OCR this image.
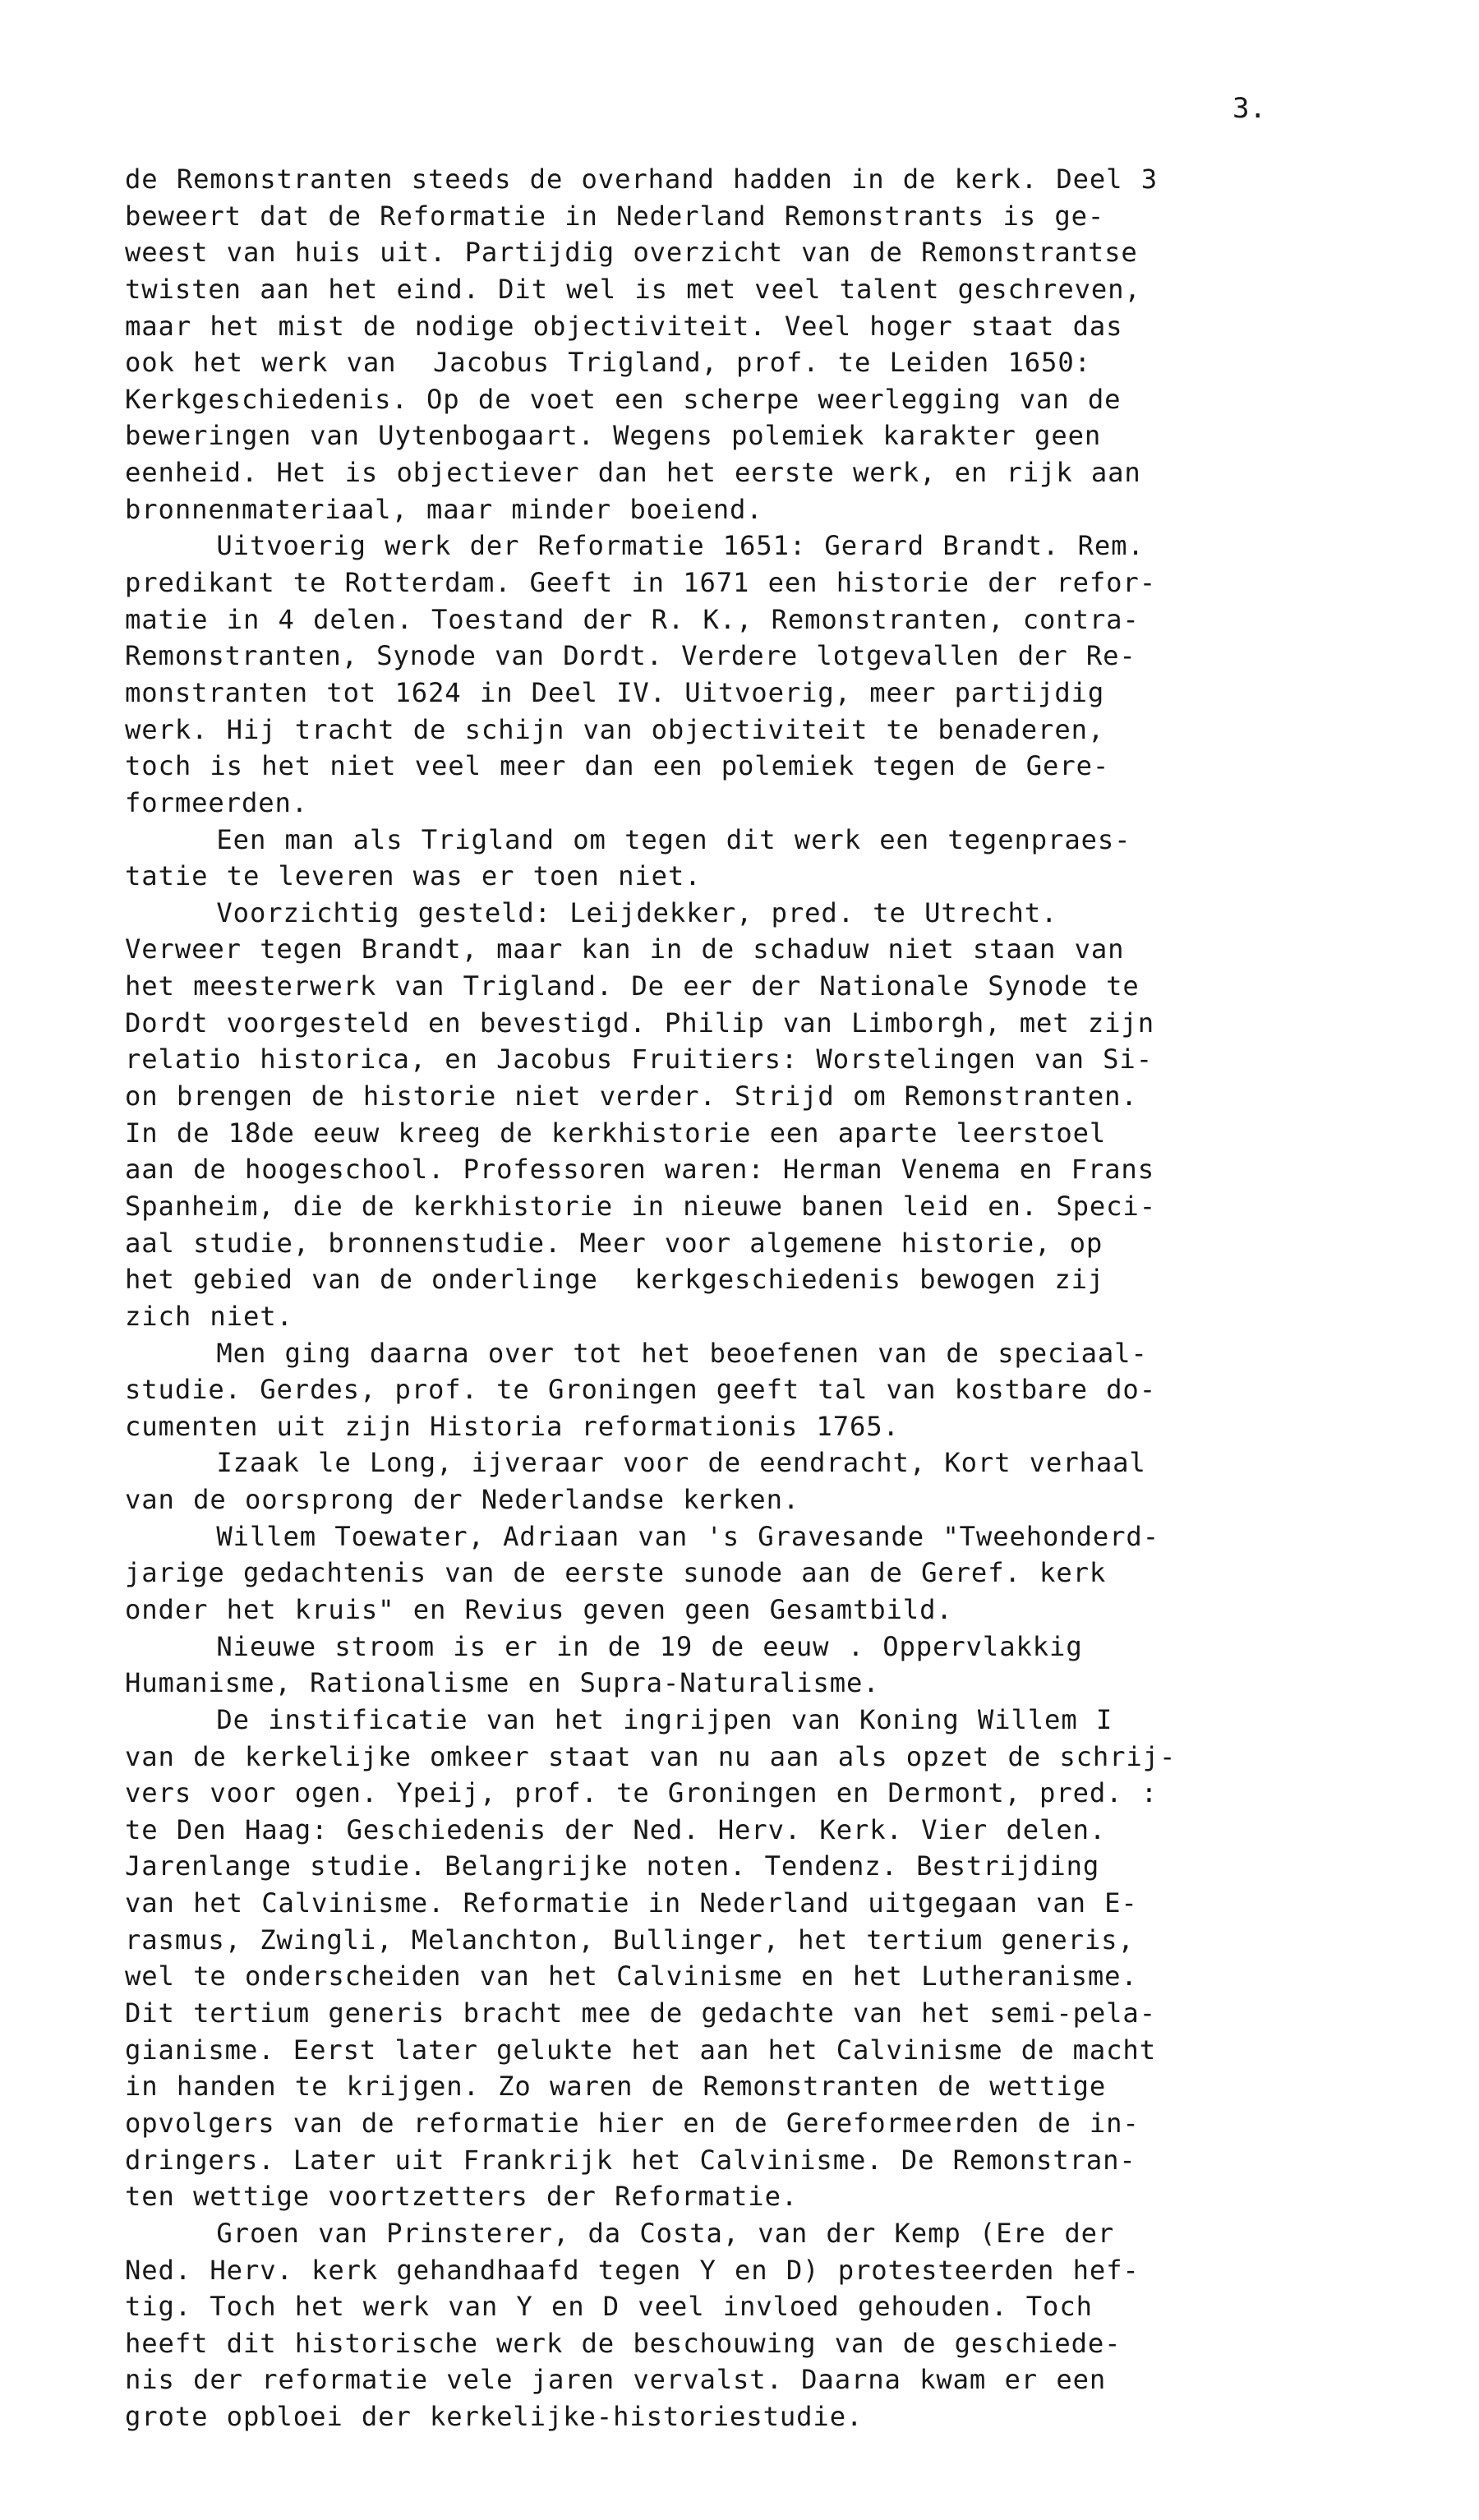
3.
de Remonstranten steeds de overhand hadden in de kerk. Deel 3
beweert dat de Reformatie in Nederland Remonstrants is ge-
weest van huis uit. Partijdig overzicht van de Remonstrantse
twisten aan het eind. Dit wel is met veel talent geschreven,
maar het mist de nodige objectiviteit. Veel hoger staat das
ook het werk van  Jacobus Trigland, prof. te Leiden 1650:
Kerkgeschiedenis. Op de voet een scherpe weerlegging van de
beweringen van Uytenbogaart. Wegens polemiek karakter geen
eenheid. Het is objectiever dan het eerste werk, en rijk aan
bronnenmateriaal, maar minder boeiend.
Uitvoerig werk der Reformatie 1651: Gerard Brandt. Rem.
predikant te Rotterdam. Geeft in 1671 een historie der refor-
matie in 4 delen. Toestand der R. K., Remonstranten, contra-
Remonstranten, Synode van Dordt. Verdere lotgevallen der Re-
monstranten tot 1624 in Deel IV. Uitvoerig, meer partijdig
werk. Hij tracht de schijn van objectiviteit te benaderen,
toch is het niet veel meer dan een polemiek tegen de Gere-
formeerden.
Een man als Trigland om tegen dit werk een tegenpraes-
tatie te leveren was er toen niet.
Voorzichtig gesteld: Leijdekker, pred. te Utrecht.
Verweer tegen Brandt, maar kan in de schaduw niet staan van
het meesterwerk van Trigland. De eer der Nationale Synode te
Dordt voorgesteld en bevestigd. Philip van Limborgh, met zijn
relatio historica, en Jacobus Fruitiers: Worstelingen van Si-
on brengen de historie niet verder. Strijd om Remonstranten.
In de 18de eeuw kreeg de kerkhistorie een aparte leerstoel
aan de hoogeschool. Professoren waren: Herman Venema en Frans
Spanheim, die de kerkhistorie in nieuwe banen leid en. Speci-
aal studie, bronnenstudie. Meer voor algemene historie, op
het gebied van de onderlinge  kerkgeschiedenis bewogen zij
zich niet.
Men ging daarna over tot het beoefenen van de speciaal-
studie. Gerdes, prof. te Groningen geeft tal van kostbare do-
cumenten uit zijn Historia reformationis 1765.
Izaak le Long, ijveraar voor de eendracht, Kort verhaal
van de oorsprong der Nederlandse kerken.
Willem Toewater, Adriaan van 's Gravesande "Tweehonderd-
jarige gedachtenis van de eerste sunode aan de Geref. kerk
onder het kruis" en Revius geven geen Gesamtbild.
Nieuwe stroom is er in de 19 de eeuw . Oppervlakkig
Humanisme, Rationalisme en Supra-Naturalisme.
De instificatie van het ingrijpen van Koning Willem I
van de kerkelijke omkeer staat van nu aan als opzet de schrij-
vers voor ogen. Ypeij, prof. te Groningen en Dermont, pred. :
te Den Haag: Geschiedenis der Ned. Herv. Kerk. Vier delen.
Jarenlange studie. Belangrijke noten. Tendenz. Bestrijding
van het Calvinisme. Reformatie in Nederland uitgegaan van E-
rasmus, Zwingli, Melanchton, Bullinger, het tertium generis,
wel te onderscheiden van het Calvinisme en het Lutheranisme.
Dit tertium generis bracht mee de gedachte van het semi-pela-
gianisme. Eerst later gelukte het aan het Calvinisme de macht
in handen te krijgen. Zo waren de Remonstranten de wettige
opvolgers van de reformatie hier en de Gereformeerden de in-
dringers. Later uit Frankrijk het Calvinisme. De Remonstran-
ten wettige voortzetters der Reformatie.
Groen van Prinsterer, da Costa, van der Kemp (Ere der
Ned. Herv. kerk gehandhaafd tegen Y en D) protesteerden hef-
tig. Toch het werk van Y en D veel invloed gehouden. Toch
heeft dit historische werk de beschouwing van de geschiede-
nis der reformatie vele jaren vervalst. Daarna kwam er een
grote opbloei der kerkelijke-historiestudie.
